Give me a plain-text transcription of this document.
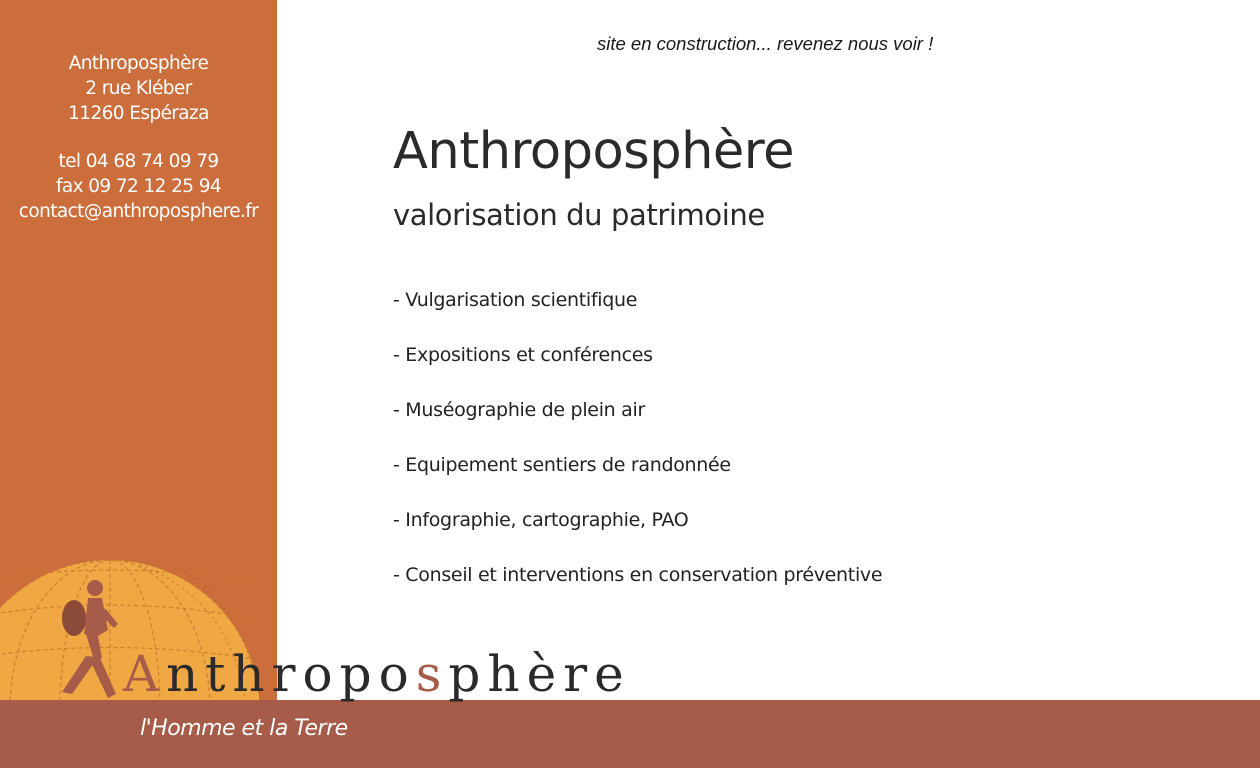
Anthroposphère
2 rue Kléber
11260 Espéraza
tel 04 68 74 09 79
fax 09 72 12 25 94
contact@anthroposphere.fr
site en construction... revenez nous voir !
Anthroposphère
valorisation du patrimoine
- Vulgarisation scientifique
- Expositions et conférences
- Muséographie de plein air
- Equipement sentiers de randonnée
- Infographie, cartographie, PAO
- Conseil et interventions en conservation préventive
Anthroposphère
l'Homme et la Terre
